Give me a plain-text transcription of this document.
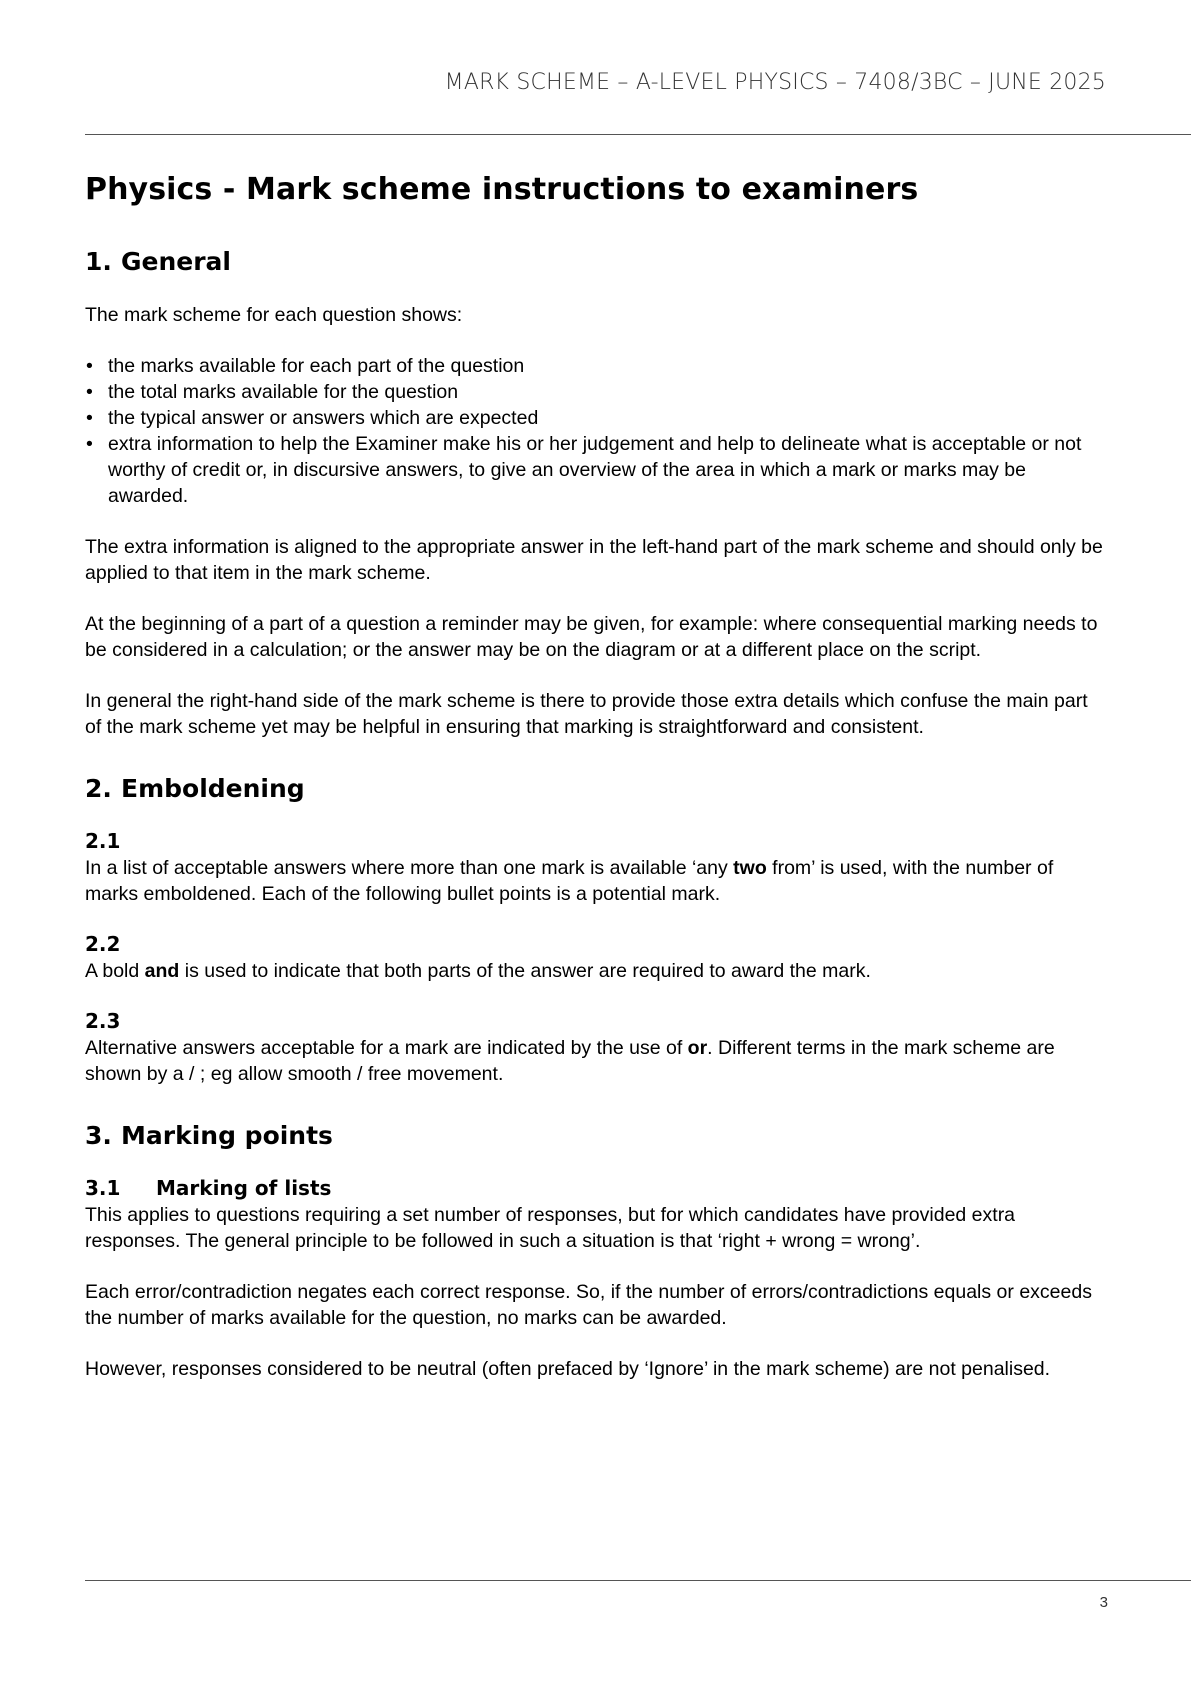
MARK SCHEME – A-LEVEL PHYSICS – 7408/3BC – JUNE 2025
Physics - Mark scheme instructions to examiners
1. General

The mark scheme for each question shows:

• the marks available for each part of the question
• the total marks available for the question
• the typical answer or answers which are expected
• extra information to help the Examiner make his or her judgement and help to delineate what is acceptable or not worthy of credit or, in discursive answers, to give an overview of the area in which a mark or marks may be awarded.

The extra information is aligned to the appropriate answer in the left-hand part of the mark scheme and should only be applied to that item in the mark scheme.

At the beginning of a part of a question a reminder may be given, for example: where consequential marking needs to be considered in a calculation; or the answer may be on the diagram or at a different place on the script.

In general the right-hand side of the mark scheme is there to provide those extra details which confuse the main part of the mark scheme yet may be helpful in ensuring that marking is straightforward and consistent.

2. Emboldening
2.1

In a list of acceptable answers where more than one mark is available ‘any two from’ is used, with the number of marks emboldened. Each of the following bullet points is a potential mark.

2.2

A bold and is used to indicate that both parts of the answer are required to award the mark.

2.3

Alternative answers acceptable for a mark are indicated by the use of or. Different terms in the mark scheme are shown by a / ; eg allow smooth / free movement.

3. Marking points
3.1 Marking of lists

This applies to questions requiring a set number of responses, but for which candidates have provided extra responses. The general principle to be followed in such a situation is that ‘right + wrong = wrong’.

Each error/contradiction negates each correct response. So, if the number of errors/contradictions equals or exceeds the number of marks available for the question, no marks can be awarded.

However, responses considered to be neutral (often prefaced by ‘Ignore’ in the mark scheme) are not penalised.

3
